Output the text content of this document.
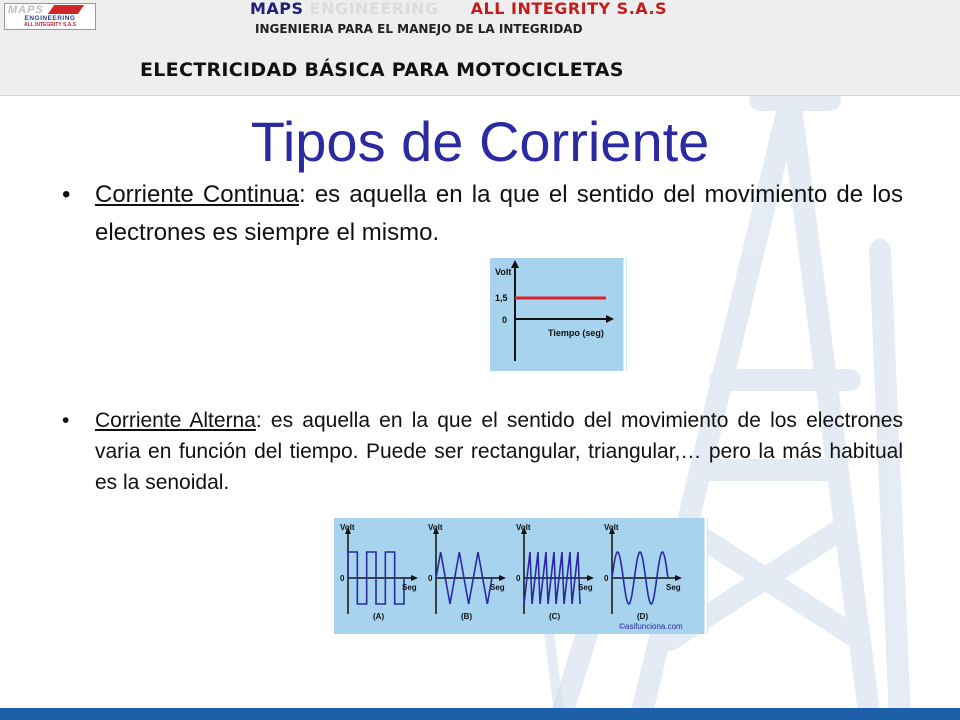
MAPS
ENGINEERING
ALL INTEGRITY S.A.S
MAPS ENGINEERING ALL INTEGRITY S.A.S
INGENIERIA PARA EL MANEJO DE LA INTEGRIDAD
ELECTRICIDAD BÁSICA PARA MOTOCICLETAS
Tipos de Corriente

• Corriente Continua: es aquella en la que el sentido del movimiento de los electrones es siempre el mismo.

Volt
1,5
0
Tiempo (seg)

• Corriente Alterna: es aquella en la que el sentido del movimiento de los electrones varia en función del tiempo. Puede ser rectangular, triangular,… pero la más habitual es la senoidal.

Volt
0
Seg
(A)
Volt
0
Seg
(B)
Volt
0
Seg
(C)
Volt
0
Seg
(D)
©asifunciona.com
